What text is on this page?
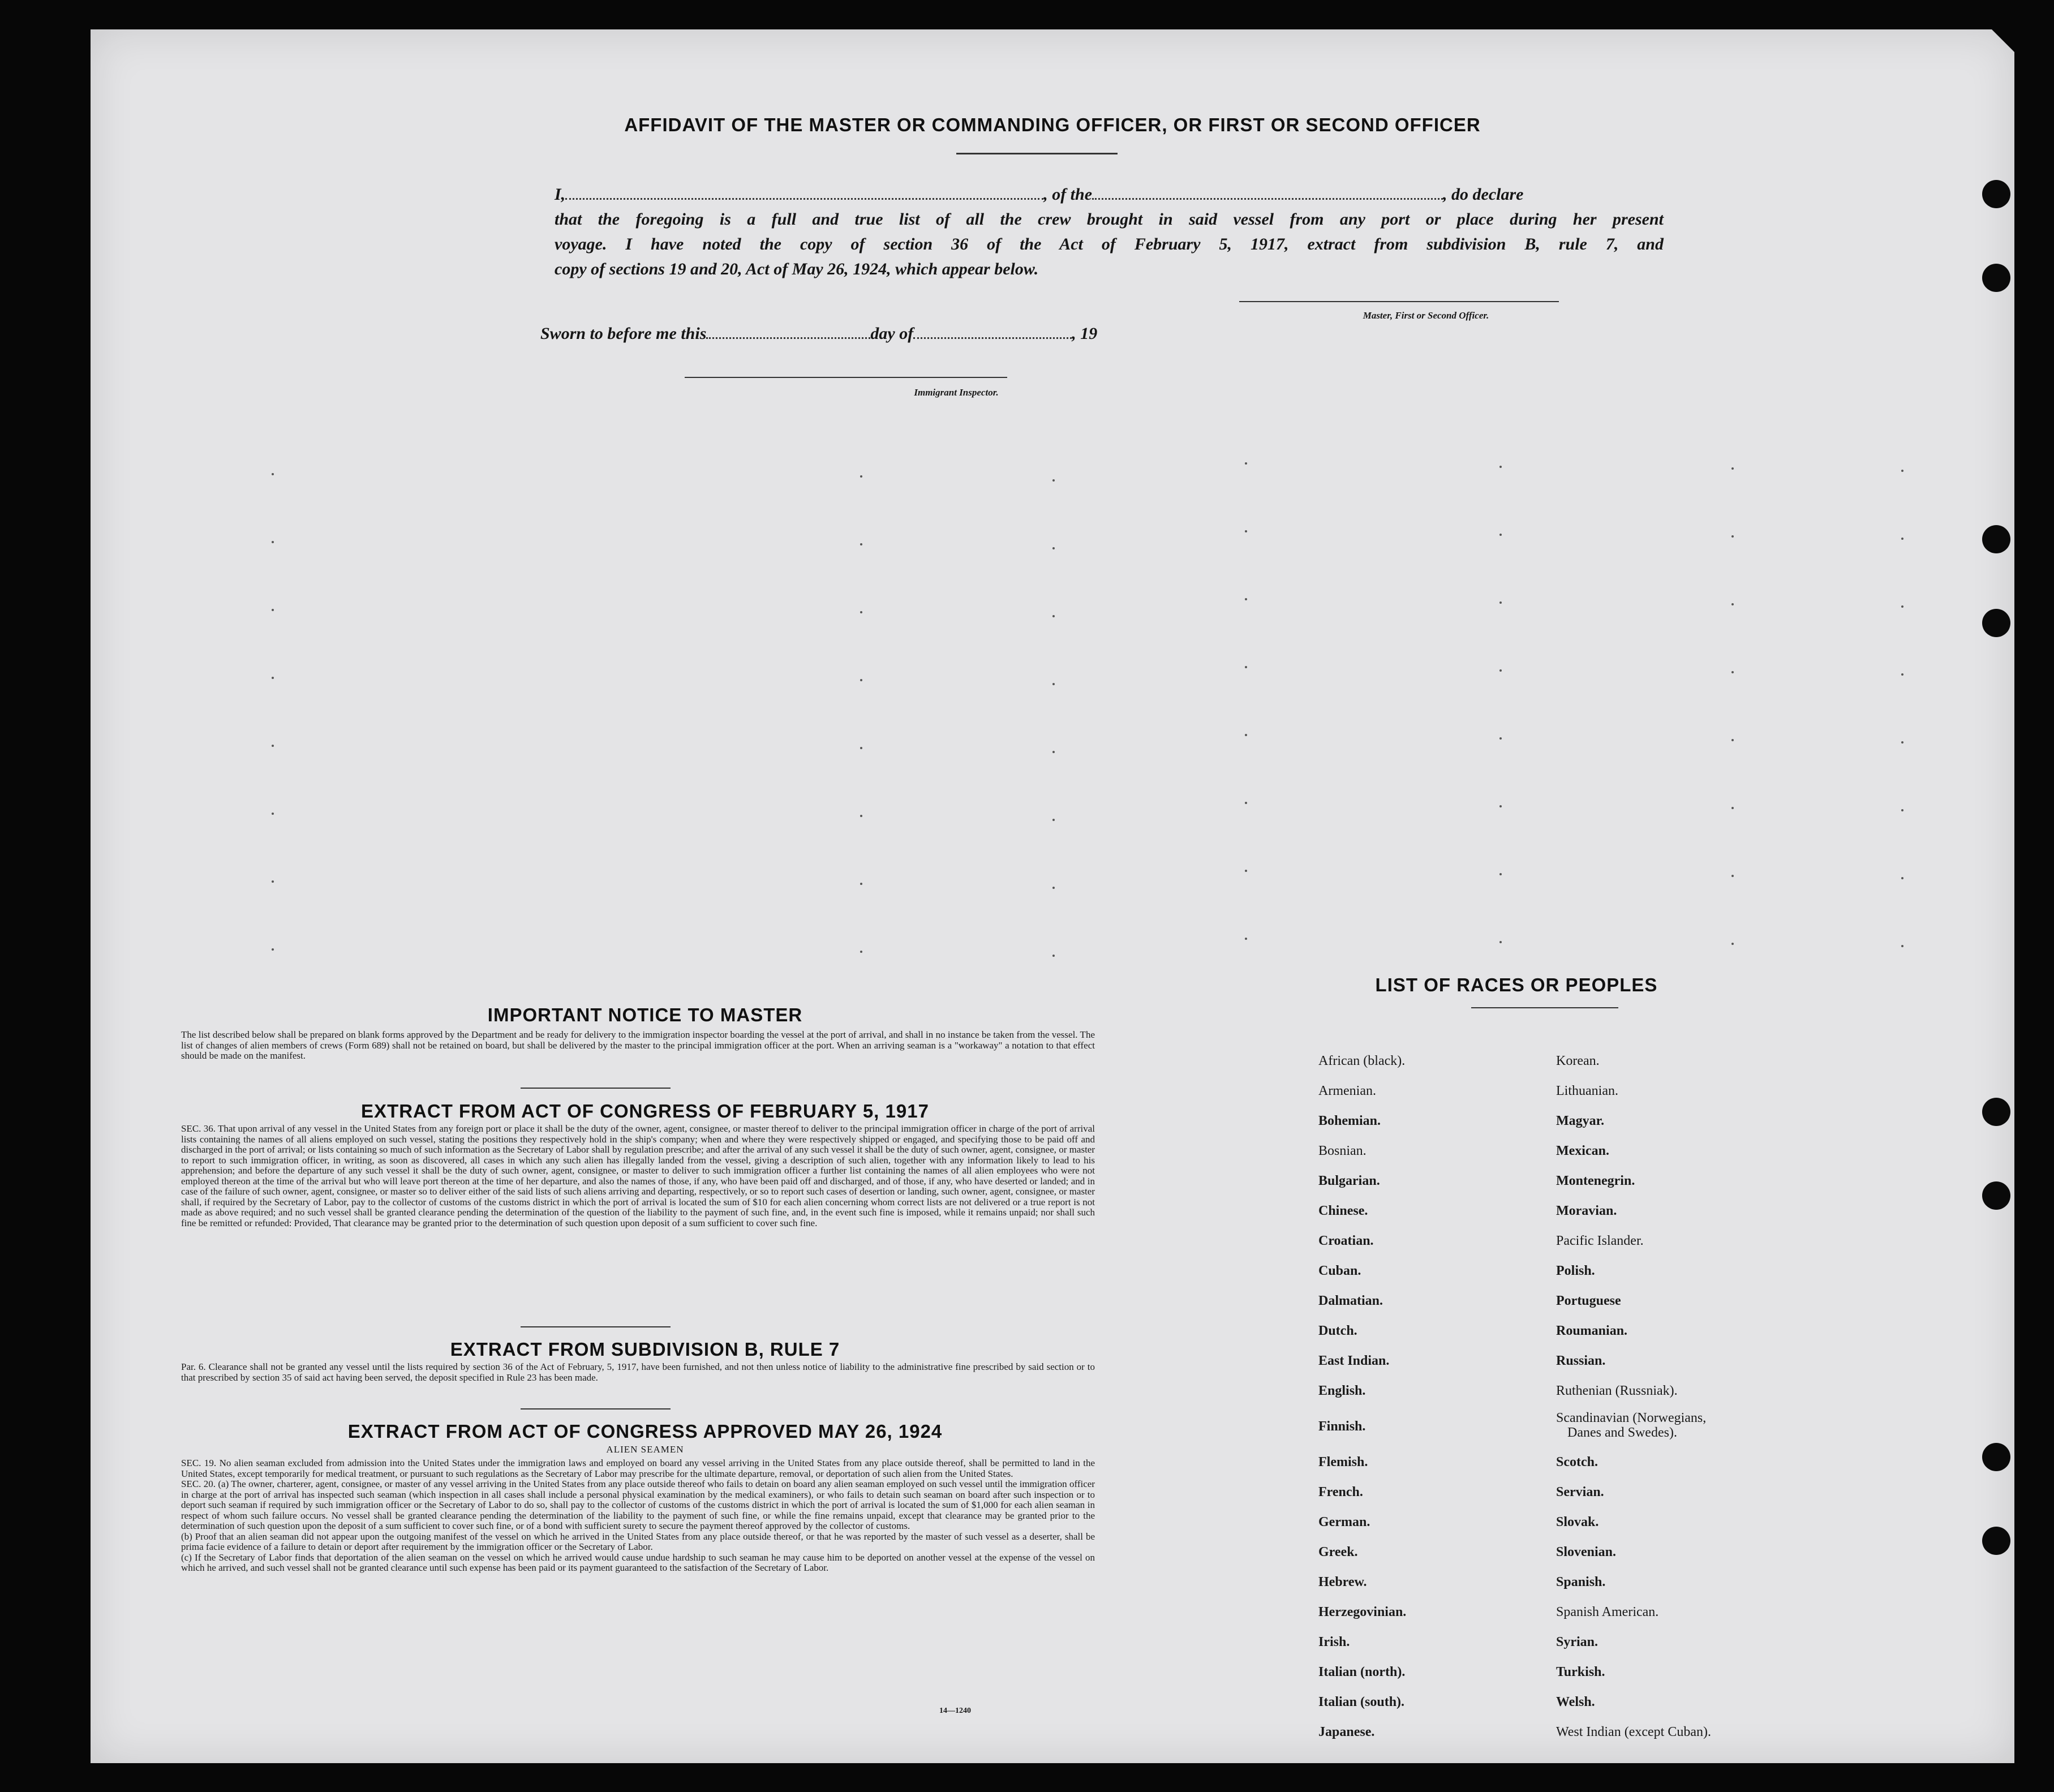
AFFIDAVIT OF THE MASTER OR COMMANDING OFFICER, OR FIRST OR SECOND OFFICER
I,	, of the	, do declare
that the foregoing is a full and true list of all the crew brought in said vessel from any port or place during her present
voyage. I have noted the copy of section 36 of the Act of February 5, 1917, extract from subdivision B, rule 7, and
copy of sections 19 and 20, Act of May 26, 1924, which appear below.
Master, First or Second Officer.
Sworn to before me this	day of	, 19
Immigrant Inspector.
IMPORTANT NOTICE TO MASTER
The list described below shall be prepared on blank forms approved by the Department and be ready for delivery to the immigration inspector boarding the vessel at the port of arrival, and shall in no instance be taken from the vessel. The list of changes of alien members of crews (Form 689) shall not be retained on board, but shall be delivered by the master to the principal immigration officer at the port. When an arriving seaman is a "workaway" a notation to that effect should be made on the manifest.
EXTRACT FROM ACT OF CONGRESS OF FEBRUARY 5, 1917
SEC. 36. That upon arrival of any vessel in the United States from any foreign port or place it shall be the duty of the owner, agent, consignee, or master thereof to deliver to the principal immigration officer in charge of the port of arrival lists containing the names of all aliens employed on such vessel, stating the positions they respectively hold in the ship's company; when and where they were respectively shipped or engaged, and specifying those to be paid off and discharged in the port of arrival; or lists containing so much of such information as the Secretary of Labor shall by regulation prescribe; and after the arrival of any such vessel it shall be the duty of such owner, agent, consignee, or master to report to such immigration officer, in writing, as soon as discovered, all cases in which any such alien has illegally landed from the vessel, giving a description of such alien, together with any information likely to lead to his apprehension; and before the departure of any such vessel it shall be the duty of such owner, agent, consignee, or master to deliver to such immigration officer a further list containing the names of all alien employees who were not employed thereon at the time of the arrival but who will leave port thereon at the time of her departure, and also the names of those, if any, who have been paid off and discharged, and of those, if any, who have deserted or landed; and in case of the failure of such owner, agent, consignee, or master so to deliver either of the said lists of such aliens arriving and departing, respectively, or so to report such cases of desertion or landing, such owner, agent, consignee, or master shall, if required by the Secretary of Labor, pay to the collector of customs of the customs district in which the port of arrival is located the sum of $10 for each alien concerning whom correct lists are not delivered or a true report is not made as above required; and no such vessel shall be granted clearance pending the determination of the question of the liability to the payment of such fine, and, in the event such fine is imposed, while it remains unpaid; nor shall such fine be remitted or refunded: Provided, That clearance may be granted prior to the determination of such question upon deposit of a sum sufficient to cover such fine.
EXTRACT FROM SUBDIVISION B, RULE 7
Par. 6. Clearance shall not be granted any vessel until the lists required by section 36 of the Act of February, 5, 1917, have been furnished, and not then unless notice of liability to the administrative fine prescribed by said section or to that prescribed by section 35 of said act having been served, the deposit specified in Rule 23 has been made.
EXTRACT FROM ACT OF CONGRESS APPROVED MAY 26, 1924
ALIEN SEAMEN
SEC. 19. No alien seaman excluded from admission into the United States under the immigration laws and employed on board any vessel arriving in the United States from any place outside thereof, shall be permitted to land in the United States, except temporarily for medical treatment, or pursuant to such regulations as the Secretary of Labor may prescribe for the ultimate departure, removal, or deportation of such alien from the United States.
SEC. 20. (a) The owner, charterer, agent, consignee, or master of any vessel arriving in the United States from any place outside thereof who fails to detain on board any alien seaman employed on such vessel until the immigration officer in charge at the port of arrival has inspected such seaman (which inspection in all cases shall include a personal physical examination by the medical examiners), or who fails to detain such seaman on board after such inspection or to deport such seaman if required by such immigration officer or the Secretary of Labor to do so, shall pay to the collector of customs of the customs district in which the port of arrival is located the sum of $1,000 for each alien seaman in respect of whom such failure occurs. No vessel shall be granted clearance pending the determination of the liability to the payment of such fine, or while the fine remains unpaid, except that clearance may be granted prior to the determination of such question upon the deposit of a sum sufficient to cover such fine, or of a bond with sufficient surety to secure the payment thereof approved by the collector of customs.
(b) Proof that an alien seaman did not appear upon the outgoing manifest of the vessel on which he arrived in the United States from any place outside thereof, or that he was reported by the master of such vessel as a deserter, shall be prima facie evidence of a failure to detain or deport after requirement by the immigration officer or the Secretary of Labor.
(c) If the Secretary of Labor finds that deportation of the alien seaman on the vessel on which he arrived would cause undue hardship to such seaman he may cause him to be deported on another vessel at the expense of the vessel on which he arrived, and such vessel shall not be granted clearance until such expense has been paid or its payment guaranteed to the satisfaction of the Secretary of Labor.
14—1240
LIST OF RACES OR PEOPLES
African (black).
Armenian.
Bohemian.
Bosnian.
Bulgarian.
Chinese.
Croatian.
Cuban.
Dalmatian.
Dutch.
East Indian.
English.
Finnish.
Flemish.
French.
German.
Greek.
Hebrew.
Herzegovinian.
Irish.
Italian (north).
Italian (south).
Japanese.
Korean.
Lithuanian.
Magyar.
Mexican.
Montenegrin.
Moravian.
Pacific Islander.
Polish.
Portuguese
Roumanian.
Russian.
Ruthenian (Russniak).
Scandinavian (Norwegians,
Danes and Swedes).
Scotch.
Servian.
Slovak.
Slovenian.
Spanish.
Spanish American.
Syrian.
Turkish.
Welsh.
West Indian (except Cuban).
